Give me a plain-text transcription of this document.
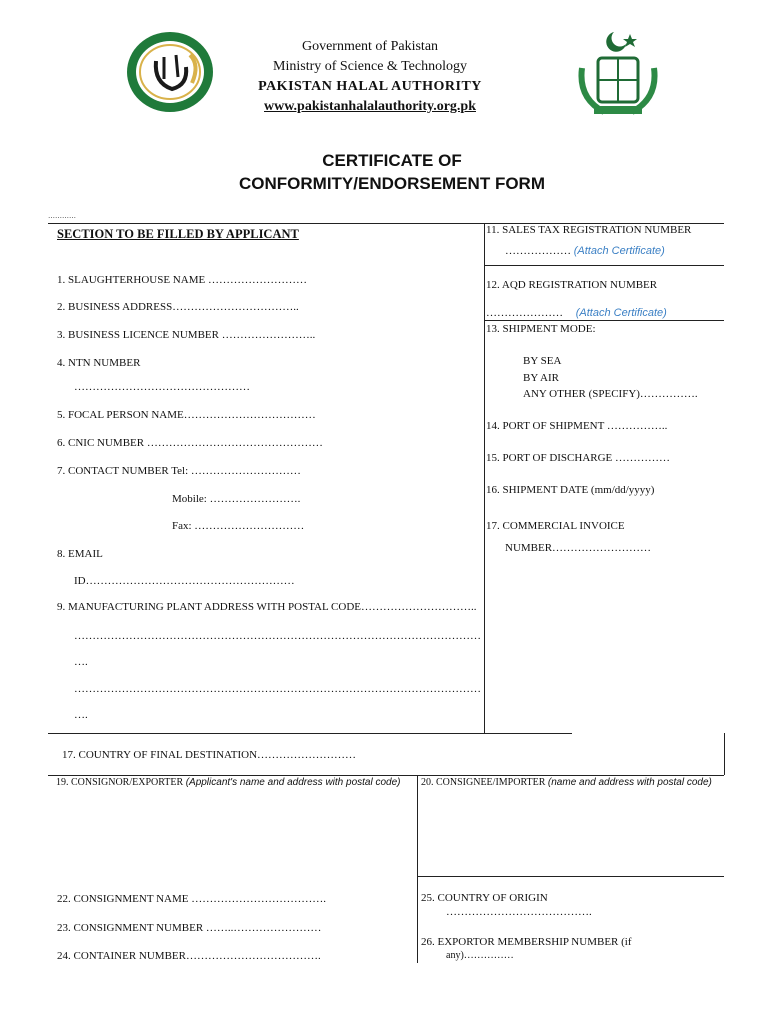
Government of Pakistan
Ministry of Science & Technology
PAKISTAN HALAL AUTHORITY
www.pakistanhalalauthority.org.pk
CERTIFICATE OF
CONFORMITY/ENDORSEMENT FORM
…………
SECTION TO BE FILLED BY APPLICANT
1. SLAUGHTERHOUSE NAME ………………………
2. BUSINESS ADDRESS……………………………..
3. BUSINESS LICENCE NUMBER ……………………..
4. NTN NUMBER
…………………………………………
5. FOCAL PERSON NAME………………………………
6. CNIC NUMBER …………………………………………
7. CONTACT NUMBER Tel: …………………………
Mobile: …………………….
Fax: …………………………
8. EMAIL
ID…………………………………………………
9. MANUFACTURING PLANT ADDRESS WITH POSTAL CODE…………………………..
…………………………………………………………………………………………………
….
…………………………………………………………………………………………………
….
11. SALES TAX REGISTRATION NUMBER
……………… (Attach Certificate)
12. AQD REGISTRATION NUMBER
………………… (Attach Certificate)
13. SHIPMENT MODE:
BY SEA
BY AIR
ANY OTHER (SPECIFY)…………….
14. PORT OF SHIPMENT ……………..
15. PORT OF DISCHARGE ……………
16. SHIPMENT DATE (mm/dd/yyyy)
17. COMMERCIAL INVOICE
NUMBER………………………
17. COUNTRY OF FINAL DESTINATION………………………
19. CONSIGNOR/EXPORTER (Applicant's name and address with postal code)	20. CONSIGNEE/IMPORTER (name and address with postal code)
22. CONSIGNMENT NAME ……………………………….
23. CONSIGNMENT NUMBER ……..……………………
24. CONTAINER NUMBER……………………………….
25. COUNTRY OF ORIGIN
………………………………….
26. EXPORTOR MEMBERSHIP NUMBER (if
any)……………
